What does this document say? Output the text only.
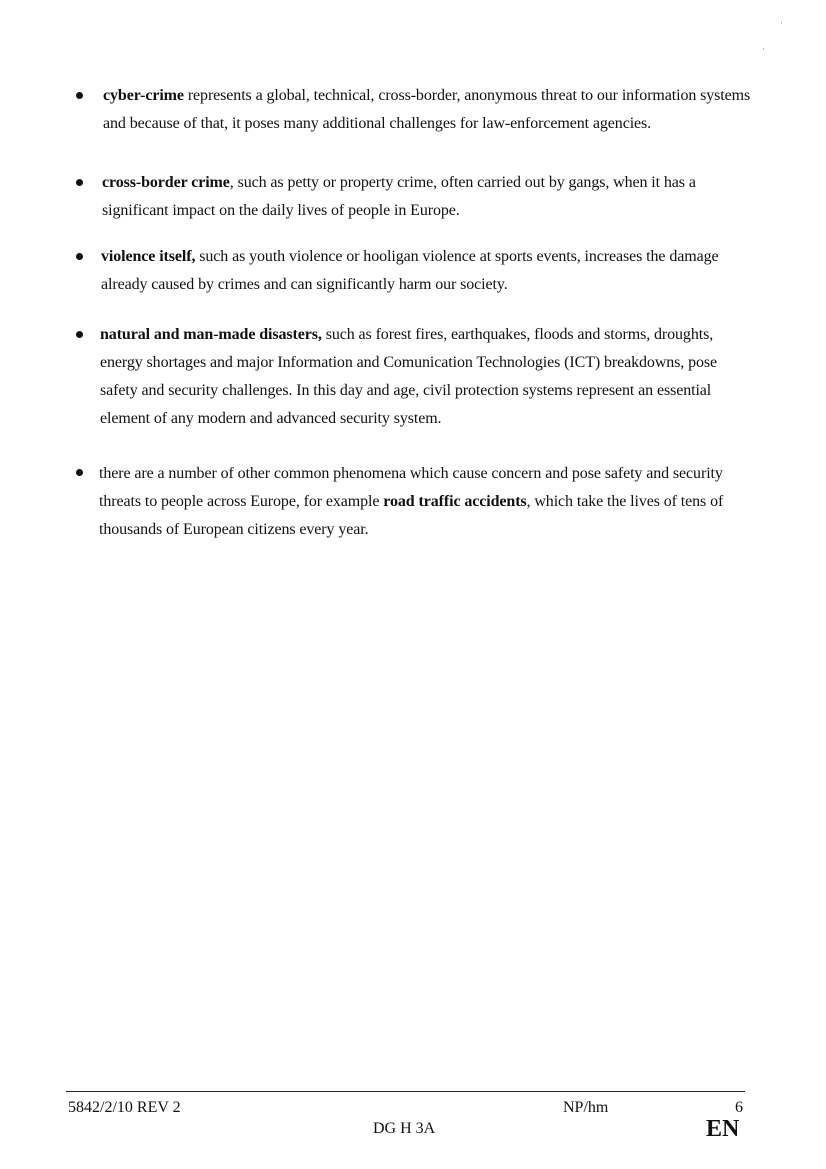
cyber-crime represents a global, technical, cross-border, anonymous threat to our information systems and because of that, it poses many additional challenges for law-enforcement agencies.
cross-border crime, such as petty or property crime, often carried out by gangs, when it has a significant impact on the daily lives of people in Europe.
violence itself, such as youth violence or hooligan violence at sports events, increases the damage already caused by crimes and can significantly harm our society.
natural and man-made disasters, such as forest fires, earthquakes, floods and storms, droughts, energy shortages and major Information and Comunication Technologies (ICT) breakdowns, pose safety and security challenges. In this day and age, civil protection systems represent an essential element of any modern and advanced security system.
there are a number of other common phenomena which cause concern and pose safety and security threats to people across Europe, for example road traffic accidents, which take the lives of tens of thousands of European citizens every year.
5842/2/10 REV 2	NP/hm	6
DG H 3A	EN
